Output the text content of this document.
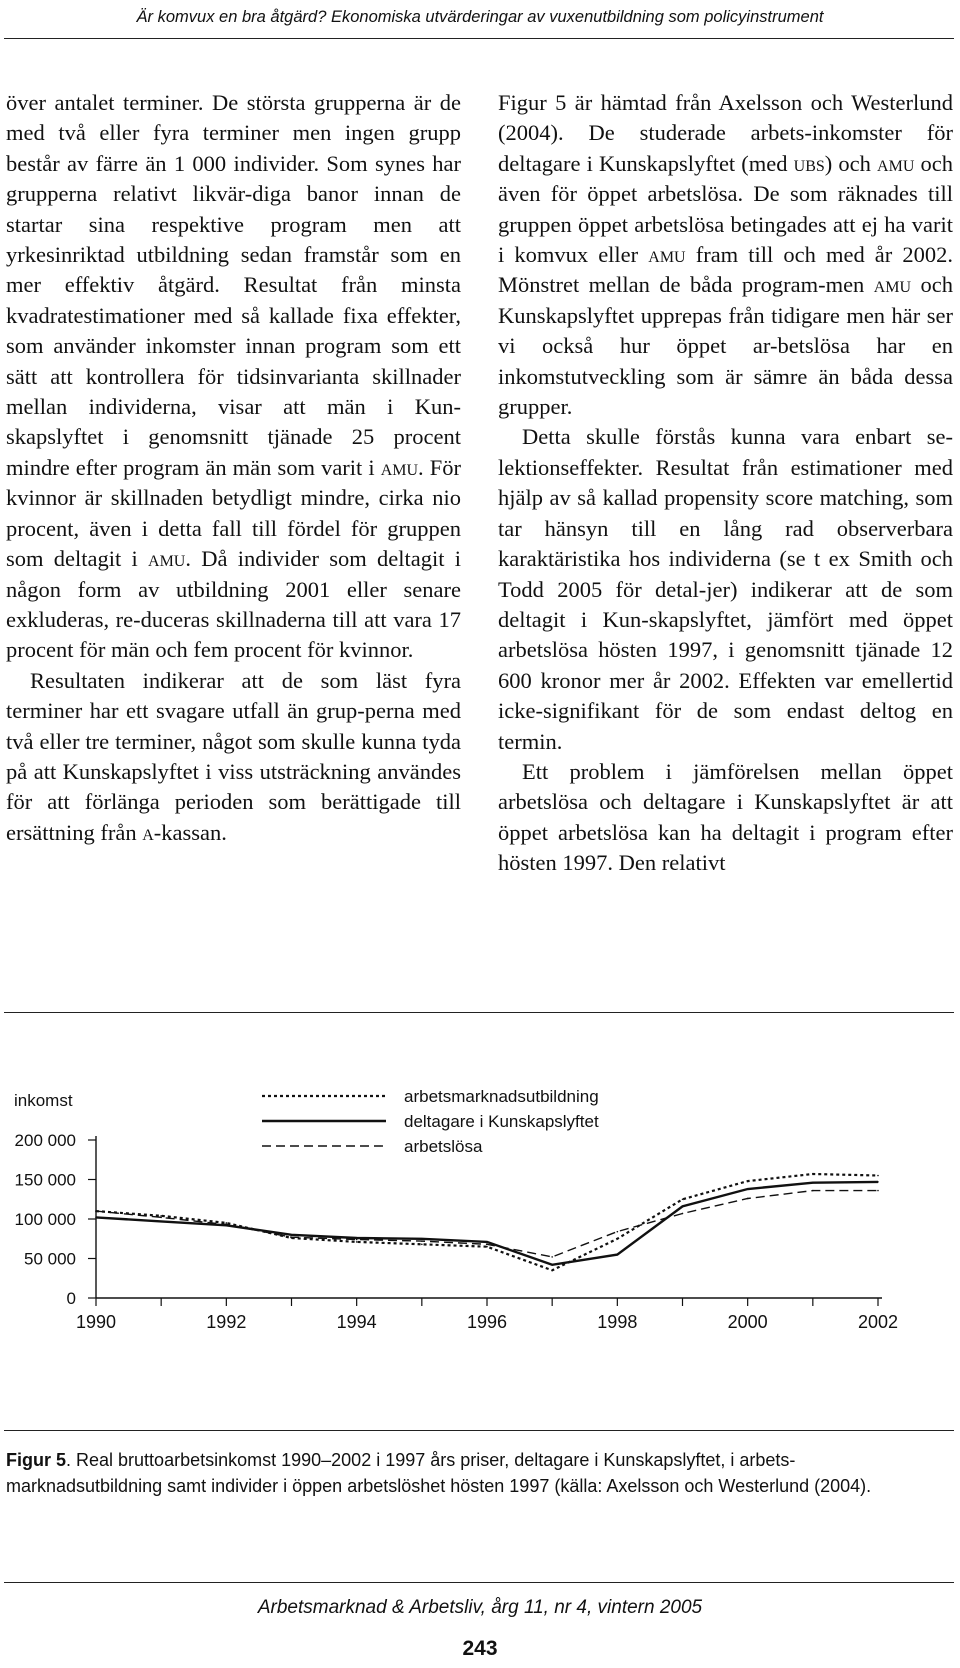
Är komvux en bra åtgärd? Ekonomiska utvärderingar av vuxenutbildning som policyinstrument

över antalet terminer. De största grupperna är de med två eller fyra terminer men ingen grupp består av färre än 1 000 individer. Som synes har grupperna relativt likvär-diga banor innan de startar sina respektive program men att yrkesinriktad utbildning sedan framstår som en mer effektiv åtgärd. Resultat från minsta kvadratestimationer med så kallade fixa effekter, som använder inkomster innan program som ett sätt att kontrollera för tidsinvarianta skillnader mellan individerna, visar att män i Kun-skapslyftet i genomsnitt tjänade 25 procent mindre efter program än män som varit i amu. För kvinnor är skillnaden betydligt mindre, cirka nio procent, även i detta fall till fördel för gruppen som deltagit i amu. Då individer som deltagit i någon form av utbildning 2001 eller senare exkluderas, re-duceras skillnaderna till att vara 17 procent för män och fem procent för kvinnor.

Resultaten indikerar att de som läst fyra terminer har ett svagare utfall än grup-perna med två eller tre terminer, något som skulle kunna tyda på att Kunskapslyftet i viss utsträckning användes för att förlänga perioden som berättigade till ersättning från a-kassan.

Figur 5 är hämtad från Axelsson och Westerlund (2004). De studerade arbets-inkomster för deltagare i Kunskapslyftet (med ubs) och amu och även för öppet arbetslösa. De som räknades till gruppen öppet arbetslösa betingades att ej ha varit i komvux eller amu fram till och med år 2002. Mönstret mellan de båda program-men amu och Kunskapslyftet upprepas från tidigare men här ser vi också hur öppet ar-betslösa har en inkomstutveckling som är sämre än båda dessa grupper.

Detta skulle förstås kunna vara enbart se-lektionseffekter. Resultat från estimationer med hjälp av så kallad propensity score matching, som tar hänsyn till en lång rad observerbara karaktäristika hos individerna (se t ex Smith och Todd 2005 för detal-jer) indikerar att de som deltagit i Kun-skapslyftet, jämfört med öppet arbetslösa hösten 1997, i genomsnitt tjänade 12 600 kronor mer år 2002. Effekten var emellertid icke-signifikant för de som endast deltog en termin.

Ett problem i jämförelsen mellan öppet arbetslösa och deltagare i Kunskapslyftet är att öppet arbetslösa kan ha deltagit i program efter hösten 1997. Den relativt

inkomst
0
50 000
100 000
150 000
200 000
1990	1992	1994	1996	1998	2000	2002
arbetsmarknadsutbildning
deltagare i Kunskapslyftet
arbetslösa
Figur 5. Real bruttoarbetsinkomst 1990–2002 i 1997 års priser, deltagare i Kunskapslyftet, i arbets-marknadsutbildning samt individer i öppen arbetslöshet hösten 1997 (källa: Axelsson och Westerlund (2004).
Arbetsmarknad & Arbetsliv, årg 11, nr 4, vintern 2005
243
